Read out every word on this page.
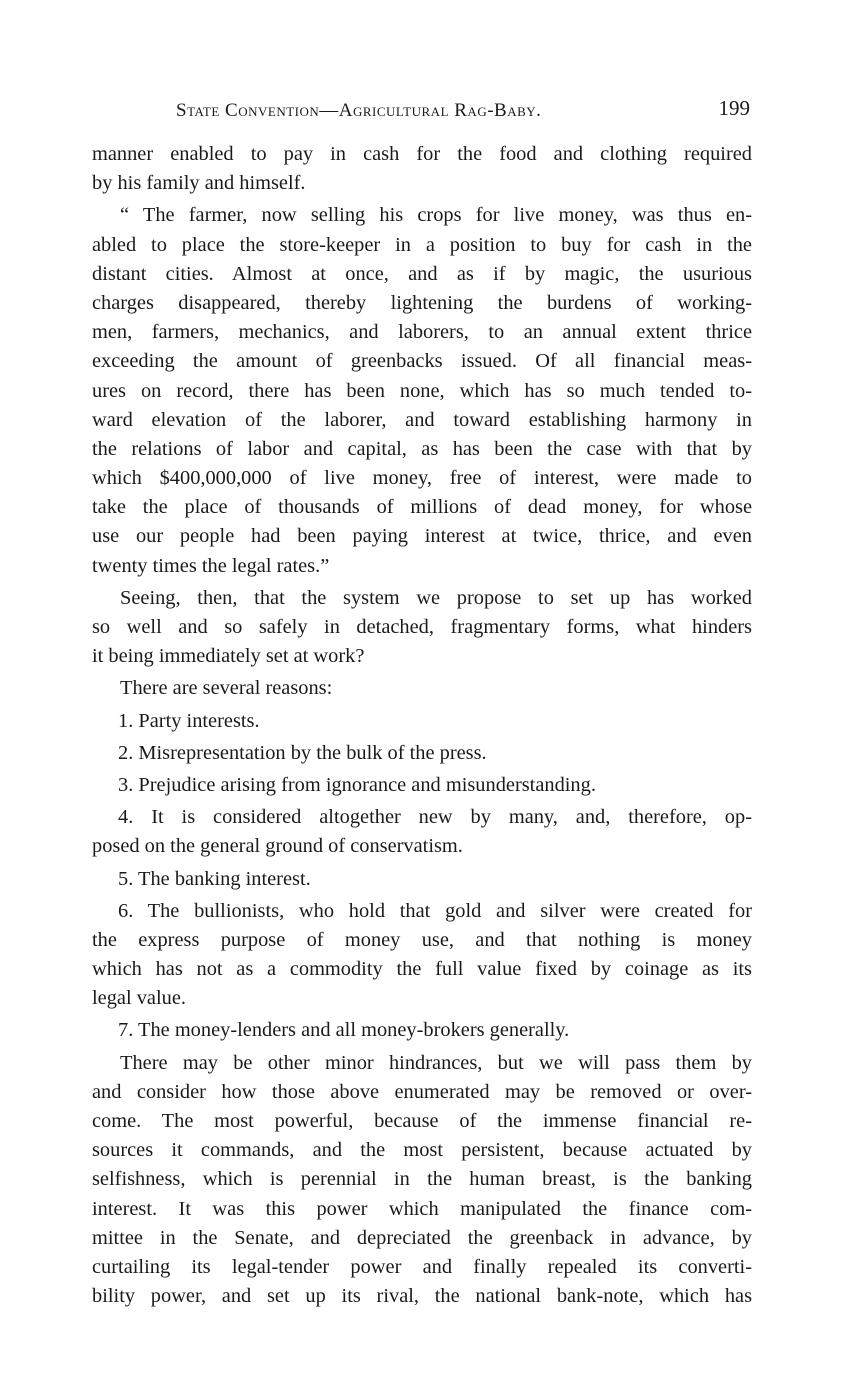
State Convention—Agricultural Rag-Baby.	199
manner enabled to pay in cash for the food and clothing required
by his family and himself.
“ The farmer, now selling his crops for live money, was thus en-
abled to place the store-keeper in a position to buy for cash in the
distant cities. Almost at once, and as if by magic, the usurious
charges disappeared, thereby lightening the burdens of working-
men, farmers, mechanics, and laborers, to an annual extent thrice
exceeding the amount of greenbacks issued. Of all financial meas-
ures on record, there has been none, which has so much tended to-
ward elevation of the laborer, and toward establishing harmony in
the relations of labor and capital, as has been the case with that by
which $400,000,000 of live money, free of interest, were made to
take the place of thousands of millions of dead money, for whose
use our people had been paying interest at twice, thrice, and even
twenty times the legal rates.”
Seeing, then, that the system we propose to set up has worked
so well and so safely in detached, fragmentary forms, what hinders
it being immediately set at work?
There are several reasons:
1. Party interests.
2. Misrepresentation by the bulk of the press.
3. Prejudice arising from ignorance and misunderstanding.
4. It is considered altogether new by many, and, therefore, op-
posed on the general ground of conservatism.
5. The banking interest.
6. The bullionists, who hold that gold and silver were created for
the express purpose of money use, and that nothing is money
which has not as a commodity the full value fixed by coinage as its
legal value.
7. The money-lenders and all money-brokers generally.
There may be other minor hindrances, but we will pass them by
and consider how those above enumerated may be removed or over-
come. The most powerful, because of the immense financial re-
sources it commands, and the most persistent, because actuated by
selfishness, which is perennial in the human breast, is the banking
interest. It was this power which manipulated the finance com-
mittee in the Senate, and depreciated the greenback in advance, by
curtailing its legal-tender power and finally repealed its converti-
bility power, and set up its rival, the national bank-note, which has
